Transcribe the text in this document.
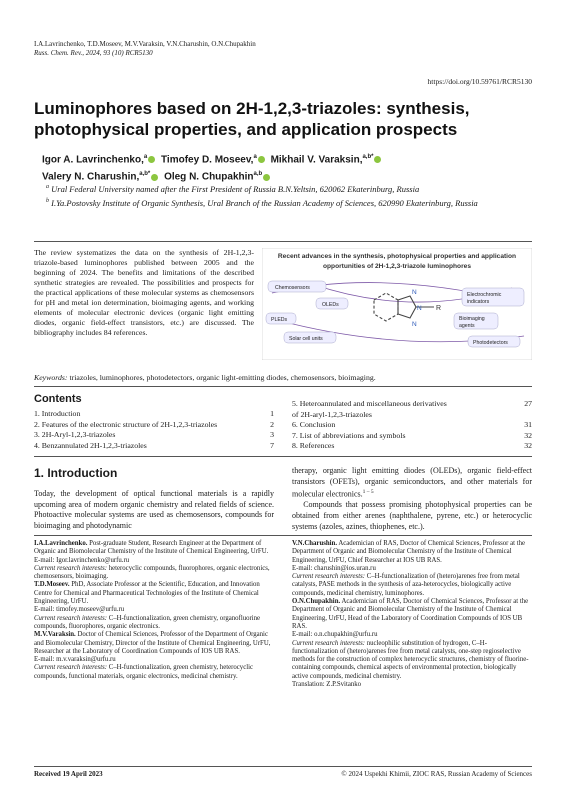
I.A.Lavrinchenko, T.D.Moseev, M.V.Varaksin, V.N.Charushin, O.N.Chupakhin
Russ. Chem. Rev., 2024, 93 (10) RCR5130
https://doi.org/10.59761/RCR5130
Luminophores based on 2H-1,2,3-triazoles: synthesis, photophysical properties, and application prospects
Igor A. Lavrinchenko,$^a$ Timofey D. Moseev,$^a$ Mikhail V. Varaksin,$^{a,b*}$
Valery N. Charushin,$^{a,b*}$ Oleg N. Chupakhin$^{a,b}$

$^a$ Ural Federal University named after the First President of Russia B.N.Yeltsin, 620062 Ekaterinburg, Russia

$^b$ I.Ya.Postovsky Institute of Organic Synthesis, Ural Branch of the Russian Academy of Sciences, 620990 Ekaterinburg, Russia

The review systematizes the data on the synthesis of 2H-1,2,3-triazole-based luminophores published between 2005 and the beginning of 2024. The benefits and limitations of the described synthetic strategies are revealed. The possibilities and prospects for the practical applications of these molecular systems as chemosensors for pH and metal ion determination, bioimaging agents, and working elements of molecular electronic devices (organic light emitting diodes, organic field-effect transistors, etc.) are discussed. The bibliography includes 84 references.
Recent advances in the synthesis, photophysical properties and application
opportunities of 2H-1,2,3-triazole luminophores
N
N
N R
Chemosensors
OLEDs
PLEDs
Solar cell units
Electrochromic indicators
Bioimaging agents
Photodetectors
Keywords: triazoles, luminophores, photodetectors, organic light-emitting diodes, chemosensors, bioimaging.
Contents
1. Introduction	1
2. Features of the electronic structure of 2H-1,2,3-triazoles	2
3. 2H-Aryl-1,2,3-triazoles	3
4. Benzannulated 2H-1,2,3-triazoles	7
5. Heteroannulated and miscellaneous derivatives	27
of 2H-aryl-1,2,3-triazoles
6. Conclusion	31
7. List of abbreviations and symbols	32
8. References	32
1. Introduction
Today, the development of optical functional materials is a rapidly upcoming area of modern organic chemistry and related fields of science. Photoactive molecular systems are used as chemosensors, compounds for bioimaging and photodynamic
therapy, organic light emitting diodes (OLEDs), organic field-effect transistors (OFETs), organic semiconductors, and other materials for molecular electronics.$^{1 - 5}$
Compounds that possess promising photophysical properties can be obtained from either arenes (naphthalene, pyrene, etc.) or heterocyclic systems (azoles, azines, thiophenes, etc.).

I.A.Lavrinchenko. Post-graduate Student, Research Engineer at the Department of Organic and Biomolecular Chemistry of the Institute of Chemical Engineering, UrFU.

E-mail: Igor.lavrinchenko@urfu.ru

Current research interests: heterocyclic compounds, fluorophores, organic electronics, chemosensors, bioimaging.

T.D.Moseev. PhD, Associate Professor at the Scientific, Education, and Innovation Centre for Chemical and Pharmaceutical Technologies of the Institute of Chemical Engineering, UrFU.

E-mail: timofey.moseev@urfu.ru

Current research interests: C–H-functionalization, green chemistry, organofluorine compounds, fluorophores, organic electronics.

M.V.Varaksin. Doctor of Chemical Sciences, Professor of the Department of Organic and Biomolecular Chemistry, Director of the Institute of Chemical Engineering, UrFU, Researcher at the Laboratory of Coordination Compounds of IOS UB RAS.

E-mail: m.v.varaksin@urfu.ru

Current research interests: C–H-functionalization, green chemistry, heterocyclic compounds, functional materials, organic electronics, medicinal chemistry.

V.N.Charushin. Academician of RAS, Doctor of Chemical Sciences, Professor at the Department of Organic and Biomolecular Chemistry of the Institute of Chemical Engineering, UrFU, Chief Researcher at IOS UB RAS.

E-mail: charushin@ios.uran.ru

Current research interests: C–H-functionalization of (hetero)arenes free from metal catalysts, PASE methods in the synthesis of aza-heterocycles, biologically active compounds, medicinal chemistry, luminophores.

O.N.Chupakhin. Academician of RAS, Doctor of Chemical Sciences, Professor at the Department of Organic and Biomolecular Chemistry of the Institute of Chemical Engineering, UrFU, Head of the Laboratory of Coordination Compounds of IOS UB RAS.

E-mail: o.n.chupakhin@urfu.ru

Current research interests: nucleophilic substitution of hydrogen, C–H-functionalization of (hetero)arenes free from metal catalysts, one-step regioselective methods for the construction of complex heterocyclic structures, chemistry of fluorine-containing compounds, chemical aspects of environmental protection, biologically active compounds, medicinal chemistry.

Translation: Z.P.Svitanko

Received 19 April 2023	© 2024 Uspekhi Khimii, ZIOC RAS, Russian Academy of Sciences
